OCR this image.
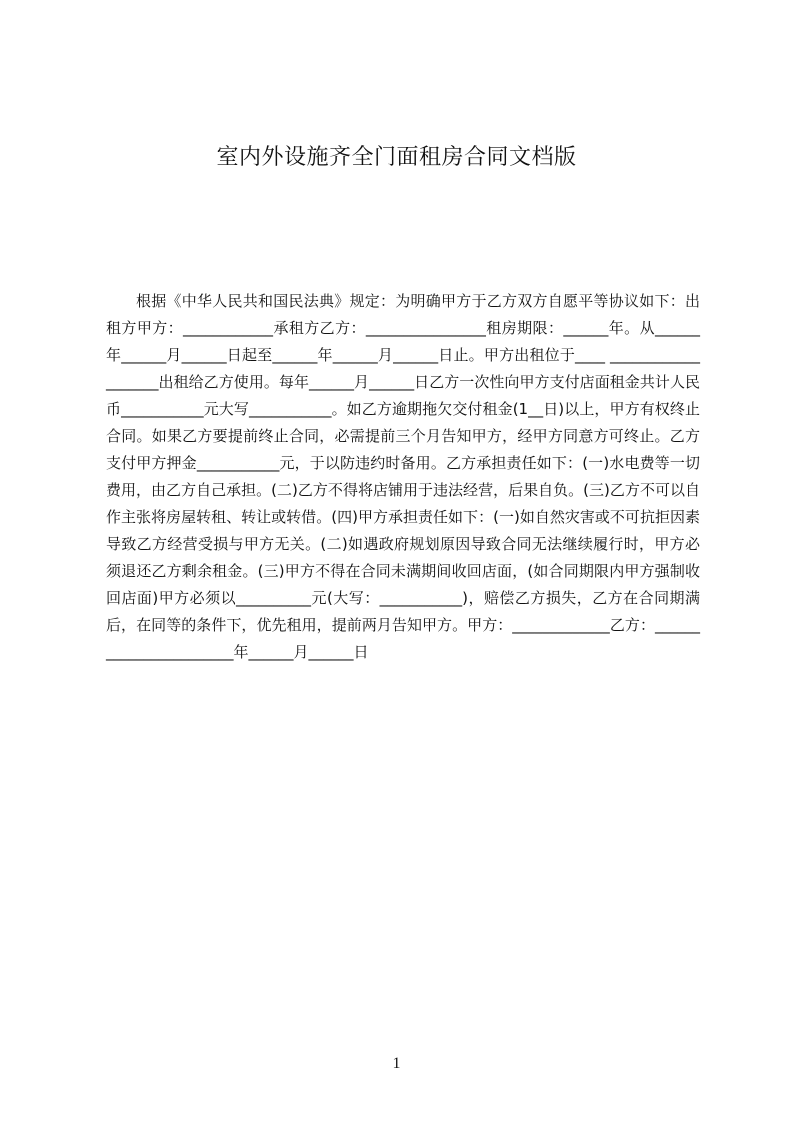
室内外设施齐全门面租房合同文档版

根据《中华人民共和国民法典》规定：为明确甲方于乙方双方自愿平等协议如下：出租方甲方：____________承租方乙方：________________租房期限：______年。从______年______月______日起至______年______月______日止。甲方出租位于____ ___________________出租给乙方使用。每年______月______日乙方一次性向甲方支付店面租金共计人民币___________元大写___________。如乙方逾期拖欠交付租金(1__日)以上，甲方有权终止合同。如果乙方要提前终止合同，必需提前三个月告知甲方，经甲方同意方可终止。乙方支付甲方押金___________元，于以防违约时备用。乙方承担责任如下：(一)水电费等一切费用，由乙方自己承担。(二)乙方不得将店铺用于违法经营，后果自负。(三)乙方不可以自作主张将房屋转租、转让或转借。(四)甲方承担责任如下：(一)如自然灾害或不可抗拒因素导致乙方经营受损与甲方无关。(二)如遇政府规划原因导致合同无法继续履行时，甲方必须退还乙方剩余租金。(三)甲方不得在合同未满期间收回店面，(如合同期限内甲方强制收回店面)甲方必须以__________元(大写：___________)，赔偿乙方损失，乙方在合同期满后，在同等的条件下，优先租用，提前两月告知甲方。甲方：_____________乙方：_______________________年______月______日

1
